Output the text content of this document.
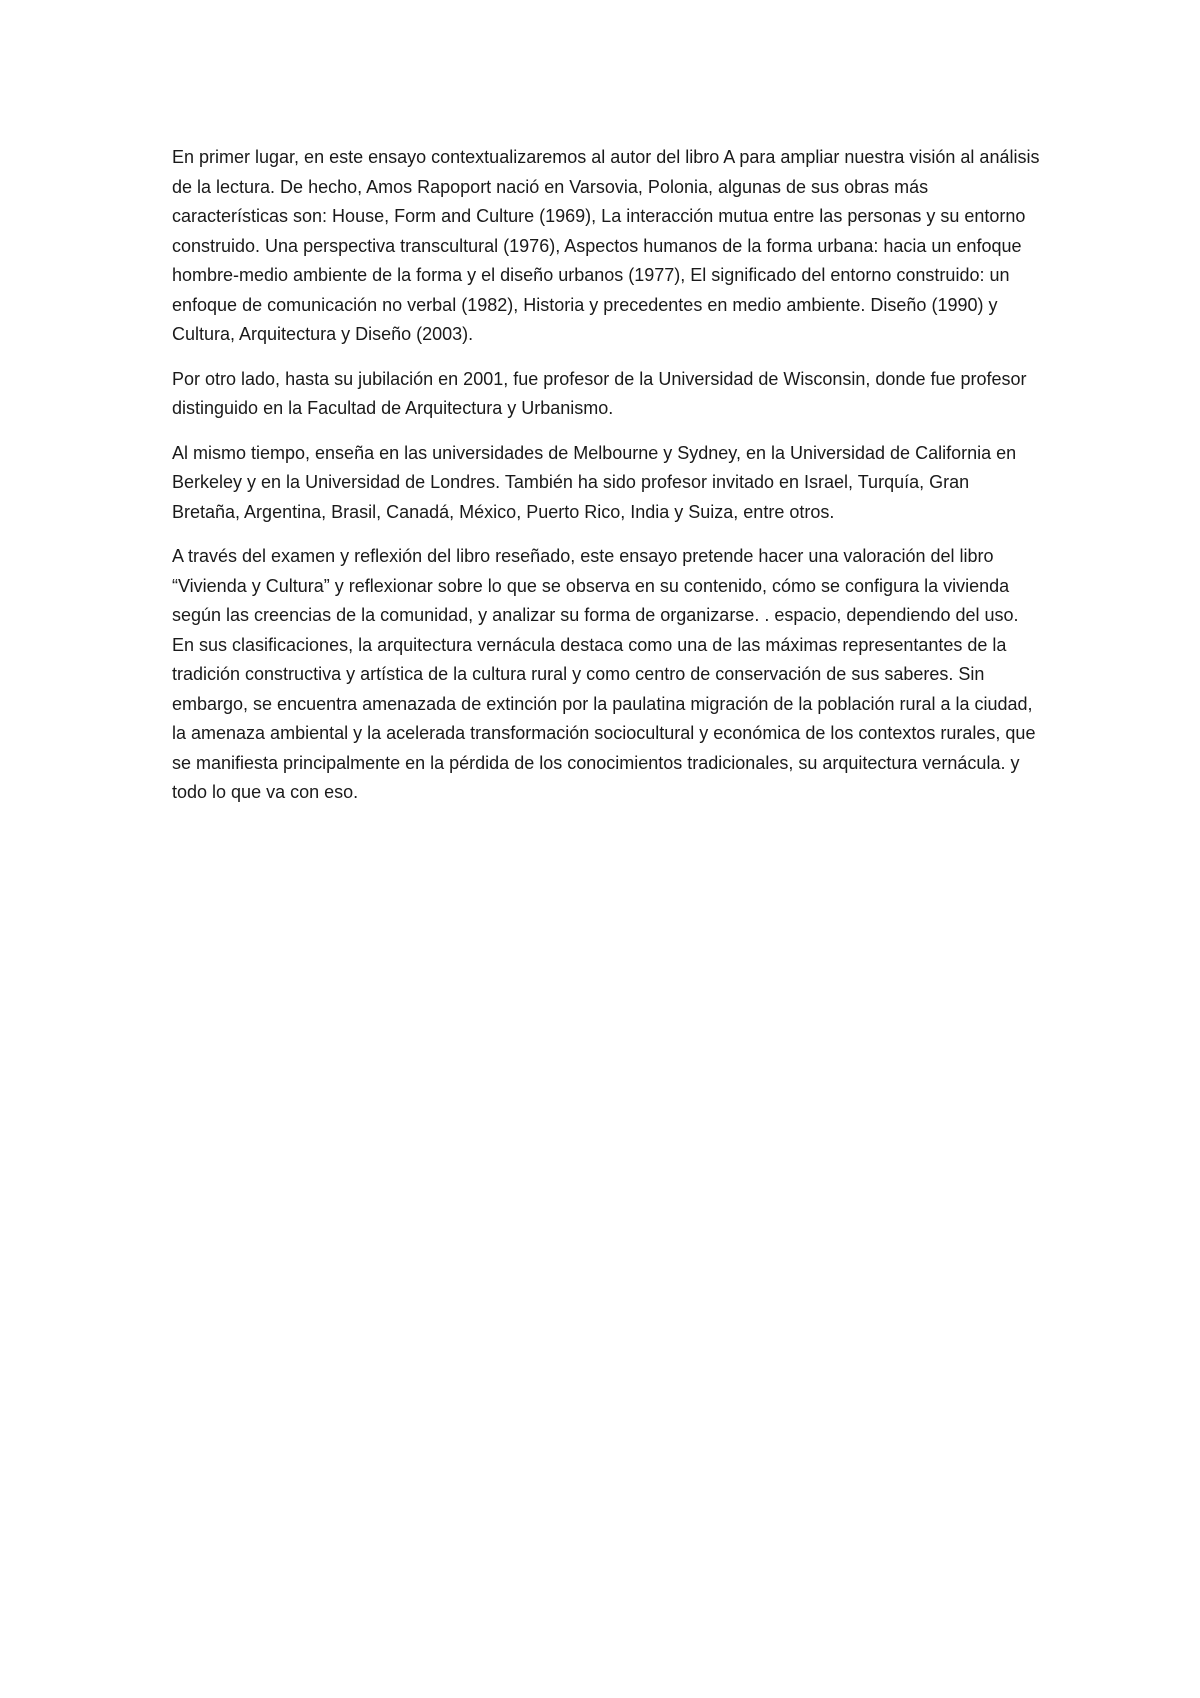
En primer lugar, en este ensayo contextualizaremos al autor del libro A para ampliar nuestra visión al análisis de la lectura. De hecho, Amos Rapoport nació en Varsovia, Polonia, algunas de sus obras más características son: House, Form and Culture (1969), La interacción mutua entre las personas y su entorno construido. Una perspectiva transcultural (1976), Aspectos humanos de la forma urbana: hacia un enfoque hombre-medio ambiente de la forma y el diseño urbanos (1977), El significado del entorno construido: un enfoque de comunicación no verbal (1982), Historia y precedentes en medio ambiente. Diseño (1990) y Cultura, Arquitectura y Diseño (2003).

Por otro lado, hasta su jubilación en 2001, fue profesor de la Universidad de Wisconsin, donde fue profesor distinguido en la Facultad de Arquitectura y Urbanismo.

Al mismo tiempo, enseña en las universidades de Melbourne y Sydney, en la Universidad de California en Berkeley y en la Universidad de Londres. También ha sido profesor invitado en Israel, Turquía, Gran Bretaña, Argentina, Brasil, Canadá, México, Puerto Rico, India y Suiza, entre otros.

A través del examen y reflexión del libro reseñado, este ensayo pretende hacer una valoración del libro “Vivienda y Cultura” y reflexionar sobre lo que se observa en su contenido, cómo se configura la vivienda según las creencias de la comunidad, y analizar su forma de organizarse. . espacio, dependiendo del uso. En sus clasificaciones, la arquitectura vernácula destaca como una de las máximas representantes de la tradición constructiva y artística de la cultura rural y como centro de conservación de sus saberes. Sin embargo, se encuentra amenazada de extinción por la paulatina migración de la población rural a la ciudad, la amenaza ambiental y la acelerada transformación sociocultural y económica de los contextos rurales, que se manifiesta principalmente en la pérdida de los conocimientos tradicionales, su arquitectura vernácula. y todo lo que va con eso.
